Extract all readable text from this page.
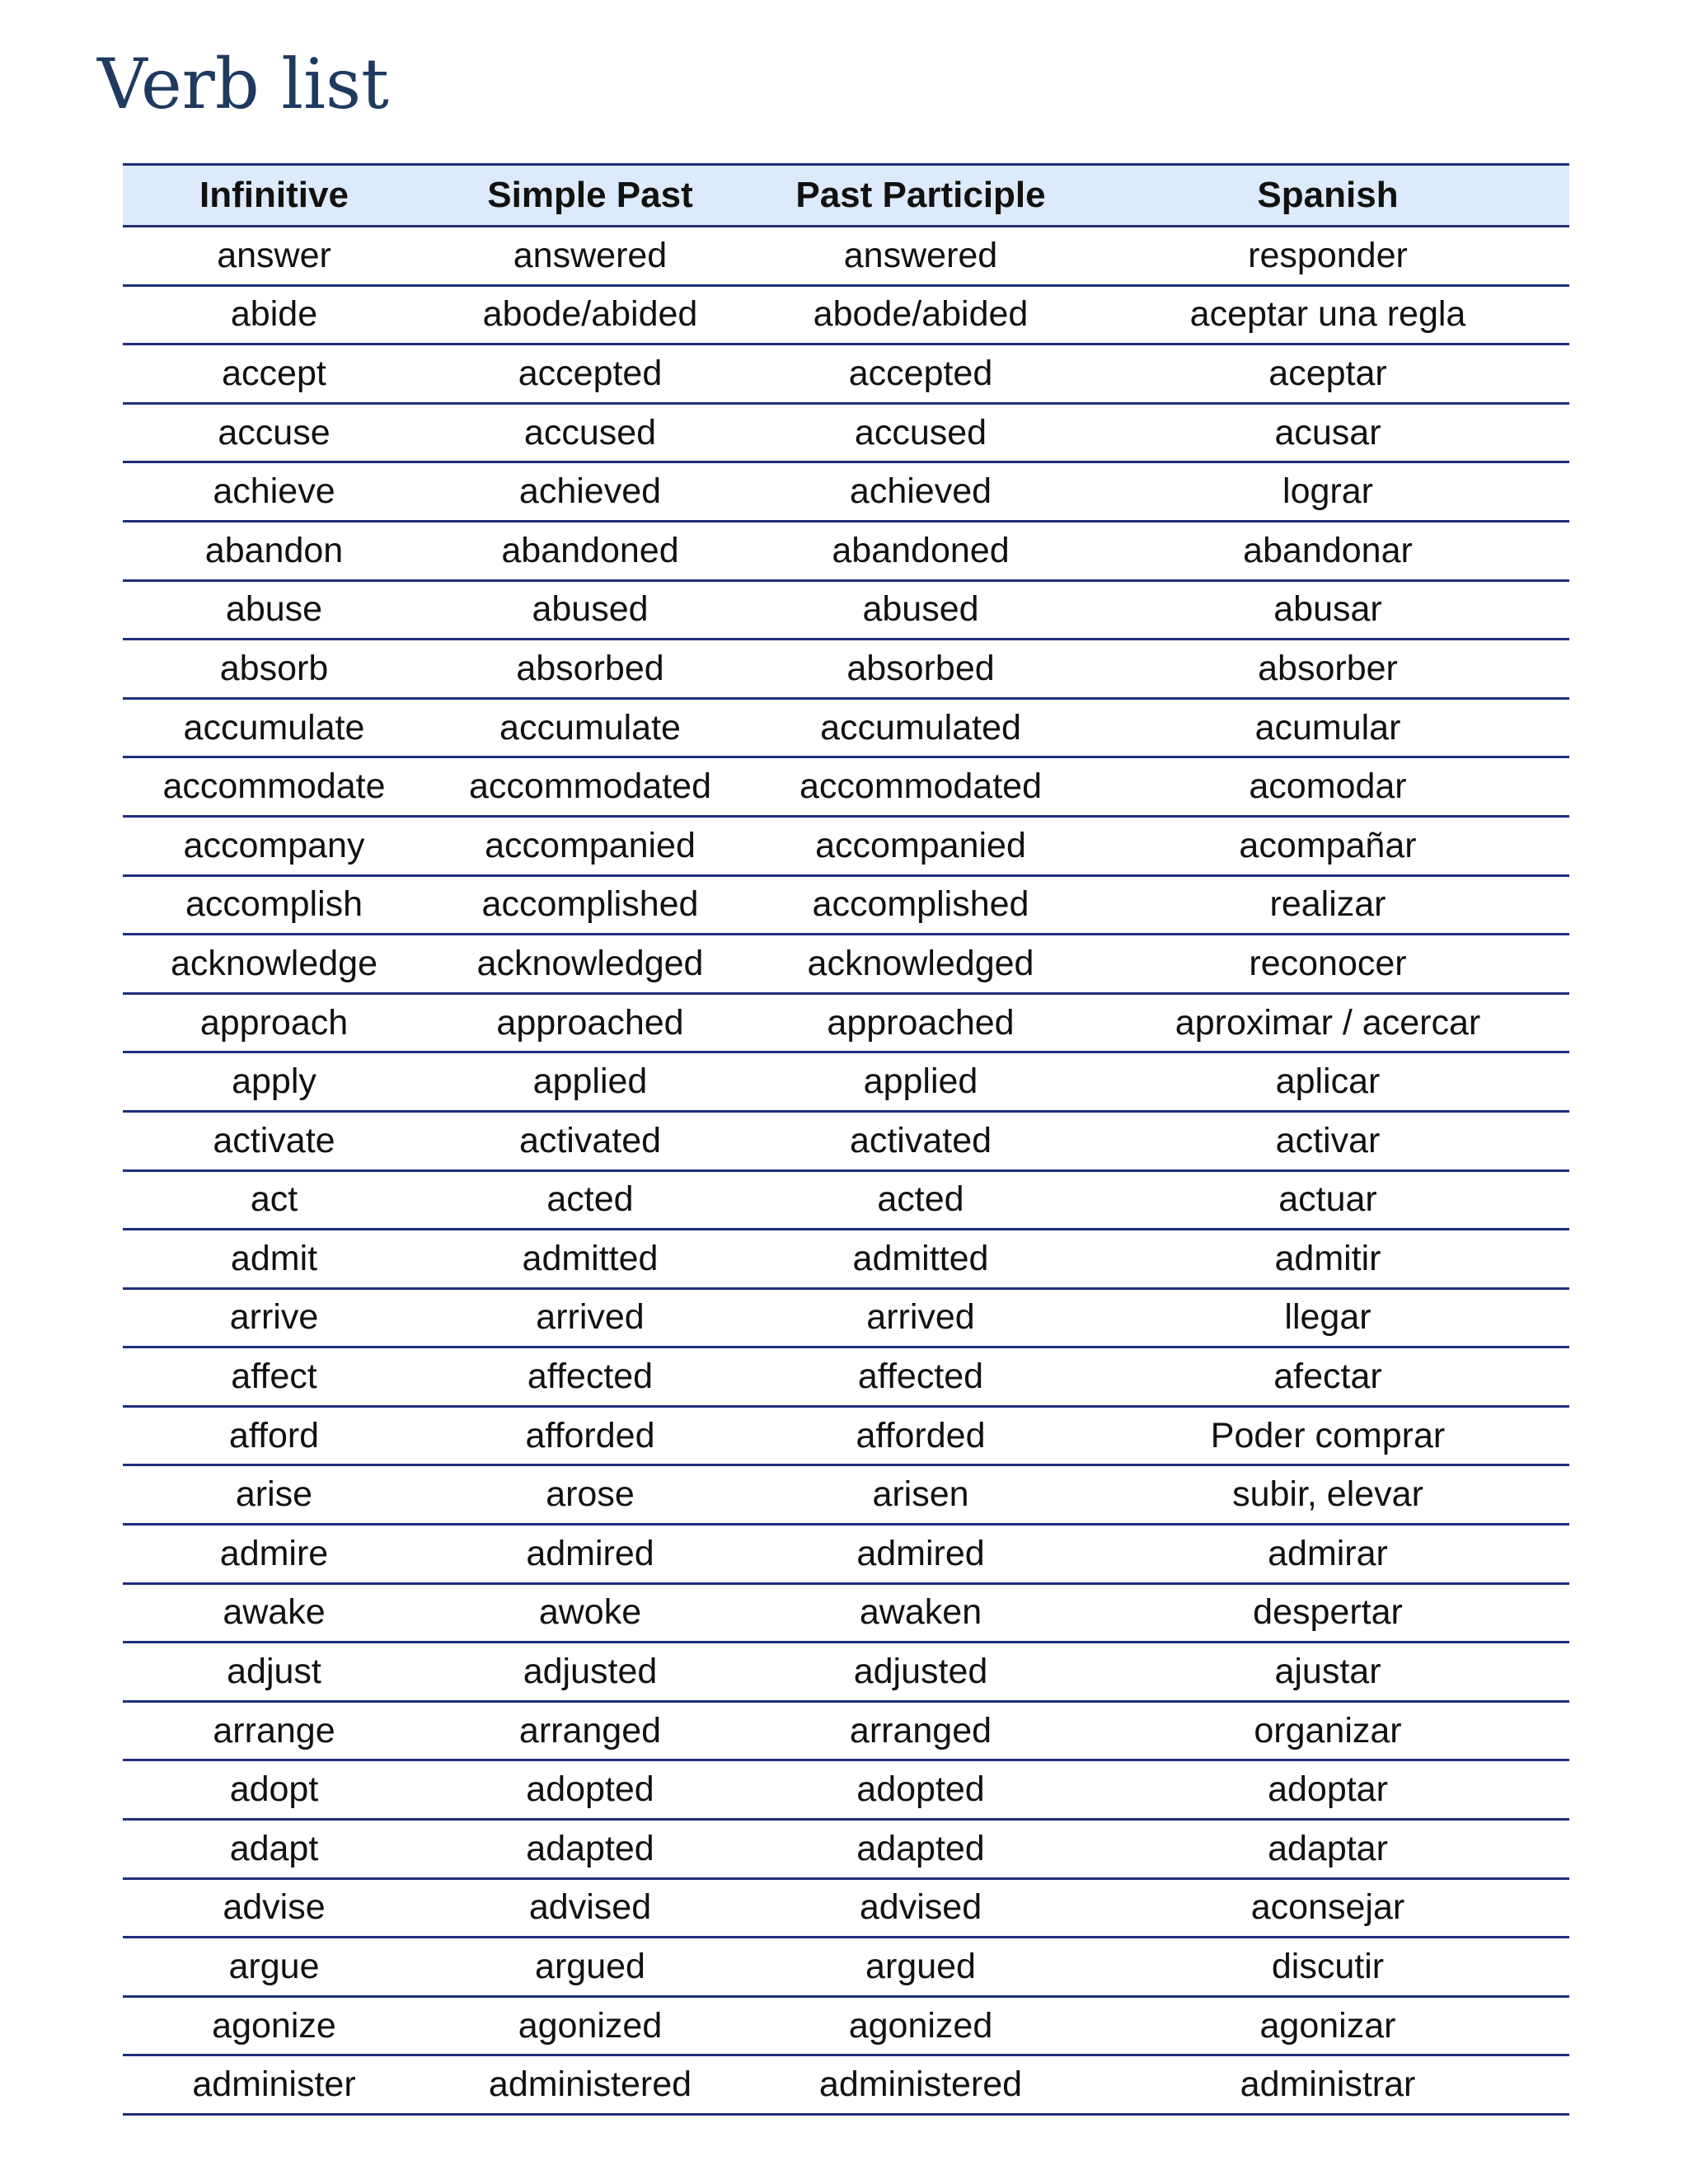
Verb list
Infinitive	Simple Past	Past Participle	Spanish
answer	answered	answered	responder
abide	abode/abided	abode/abided	aceptar una regla
accept	accepted	accepted	aceptar
accuse	accused	accused	acusar
achieve	achieved	achieved	lograr
abandon	abandoned	abandoned	abandonar
abuse	abused	abused	abusar
absorb	absorbed	absorbed	absorber
accumulate	accumulate	accumulated	acumular
accommodate	accommodated	accommodated	acomodar
accompany	accompanied	accompanied	acompañar
accomplish	accomplished	accomplished	realizar
acknowledge	acknowledged	acknowledged	reconocer
approach	approached	approached	aproximar / acercar
apply	applied	applied	aplicar
activate	activated	activated	activar
act	acted	acted	actuar
admit	admitted	admitted	admitir
arrive	arrived	arrived	llegar
affect	affected	affected	afectar
afford	afforded	afforded	Poder comprar
arise	arose	arisen	subir, elevar
admire	admired	admired	admirar
awake	awoke	awaken	despertar
adjust	adjusted	adjusted	ajustar
arrange	arranged	arranged	organizar
adopt	adopted	adopted	adoptar
adapt	adapted	adapted	adaptar
advise	advised	advised	aconsejar
argue	argued	argued	discutir
agonize	agonized	agonized	agonizar
administer	administered	administered	administrar
